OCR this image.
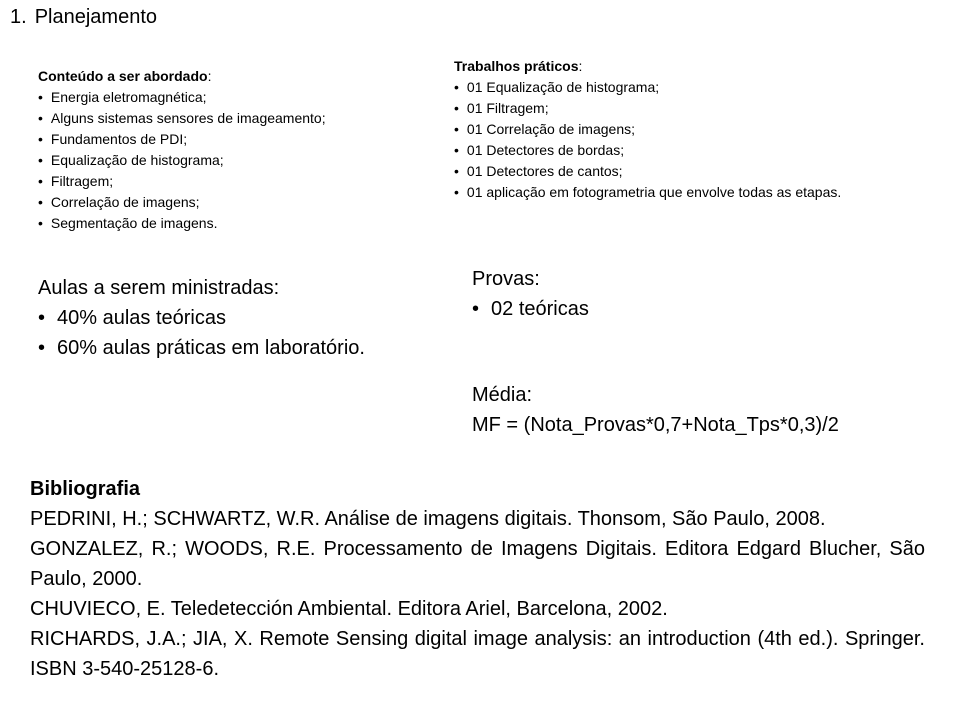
1. Planejamento
Conteúdo a ser abordado:
• Energia eletromagnética;
• Alguns sistemas sensores de imageamento;
• Fundamentos de PDI;
• Equalização de histograma;
• Filtragem;
• Correlação de imagens;
• Segmentação de imagens.
Trabalhos práticos:
• 01 Equalização de histograma;
• 01 Filtragem;
• 01 Correlação de imagens;
• 01 Detectores de bordas;
• 01 Detectores de cantos;
• 01 aplicação em fotogrametria que envolve todas as etapas.
Aulas a serem ministradas:
• 40% aulas teóricas
• 60% aulas práticas em laboratório.
Provas:
• 02 teóricas
Média:
MF = (Nota_Provas*0,7+Nota_Tps*0,3)/2

Bibliografia

PEDRINI, H.; SCHWARTZ, W.R. Análise de imagens digitais. Thonsom, São Paulo, 2008.

GONZALEZ, R.; WOODS, R.E. Processamento de Imagens Digitais. Editora Edgard Blucher, São Paulo, 2000.

CHUVIECO, E. Teledetección Ambiental. Editora Ariel, Barcelona, 2002.

RICHARDS, J.A.; JIA, X. Remote Sensing digital image analysis: an introduction (4th ed.). Springer. ISBN 3-540-25128-6.
